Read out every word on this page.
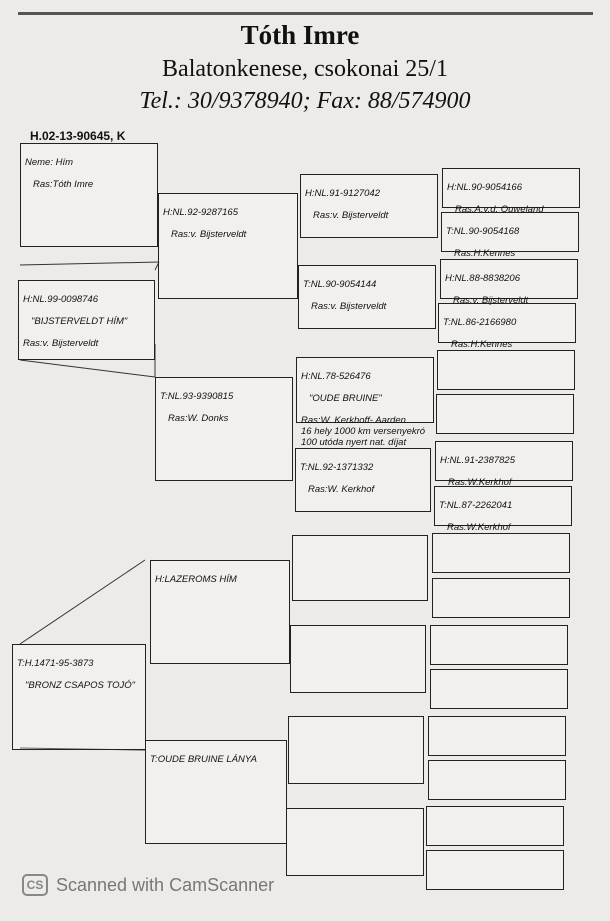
Tóth Imre
Balatonkenese, csokonai 25/1
Tel.: 30/9378940; Fax: 88/574900
H.02-13-90645, K

Neme: Hím

Ras:Tóth Imre

H:NL.99-0098746

"BIJSTERVELDT HÍM"

Ras:v. Bijsterveldt

T:H.1471-95-3873

"BRONZ CSAPOS TOJÓ"

H:NL.92-9287165

Ras:v. Bijsterveldt

T:NL.93-9390815

Ras:W. Donks

H:LAZEROMS HÍM

T:OUDE BRUINE LÁNYA

H:NL.91-9127042

Ras:v. Bijsterveldt

T:NL.90-9054144

Ras:v. Bijsterveldt

H:NL.78-526476

"OUDE BRUINE"

Ras:W. Kerkhoff- Aarden
16 hely 1000 km versenyekró
100 utóda nyert nat. díjat

T:NL.92-1371332

Ras:W. Kerkhof

H:NL.90-9054166

Ras:A.v.d. Ouweland

T:NL.90-9054168

Ras:H.Kennes

H:NL.88-8838206

Ras:v. Bijsterveldt

T:NL.86-2166980

Ras:H.Kennes

H:NL.91-2387825

Ras:W.Kerkhof

T:NL.87-2262041

Ras:W.Kerkhof

CS Scanned with CamScanner
